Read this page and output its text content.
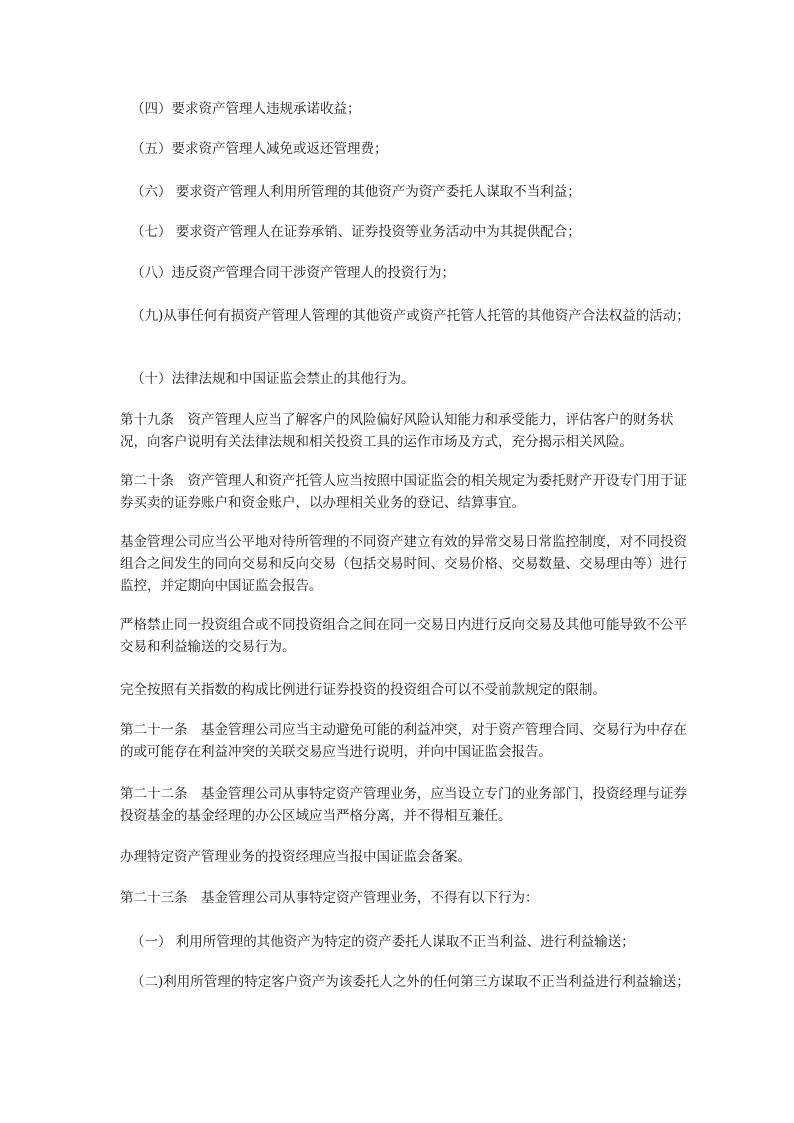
（四）要求资产管理人违规承诺收益；

（五）要求资产管理人减免或返还管理费；

（六） 要求资产管理人利用所管理的其他资产为资产委托人谋取不当利益；

（七） 要求资产管理人在证券承销、证券投资等业务活动中为其提供配合；

（八）违反资产管理合同干涉资产管理人的投资行为；

（九)从事任何有损资产管理人管理的其他资产或资产托管人托管的其他资产合法权益的活动；

（十）法律法规和中国证监会禁止的其他行为。

第十九条　资产管理人应当了解客户的风险偏好风险认知能力和承受能力，评估客户的财务状况，向客户说明有关法律法规和相关投资工具的运作市场及方式，充分揭示相关风险。

第二十条　资产管理人和资产托管人应当按照中国证监会的相关规定为委托财产开设专门用于证券买卖的证券账户和资金账户，以办理相关业务的登记、结算事宜。

基金管理公司应当公平地对待所管理的不同资产建立有效的异常交易日常监控制度，对不同投资组合之间发生的同向交易和反向交易（包括交易时间、交易价格、交易数量、交易理由等）进行监控，并定期向中国证监会报告。

严格禁止同一投资组合或不同投资组合之间在同一交易日内进行反向交易及其他可能导致不公平交易和利益输送的交易行为。

完全按照有关指数的构成比例进行证券投资的投资组合可以不受前款规定的限制。

第二十一条　基金管理公司应当主动避免可能的利益冲突，对于资产管理合同、交易行为中存在的或可能存在利益冲突的关联交易应当进行说明，并向中国证监会报告。

第二十二条　基金管理公司从事特定资产管理业务，应当设立专门的业务部门，投资经理与证券投资基金的基金经理的办公区域应当严格分离，并不得相互兼任。

办理特定资产管理业务的投资经理应当报中国证监会备案。

第二十三条　基金管理公司从事特定资产管理业务，不得有以下行为：

（一） 利用所管理的其他资产为特定的资产委托人谋取不正当利益、进行利益输送；

（二)利用所管理的特定客户资产为该委托人之外的任何第三方谋取不正当利益进行利益输送；
